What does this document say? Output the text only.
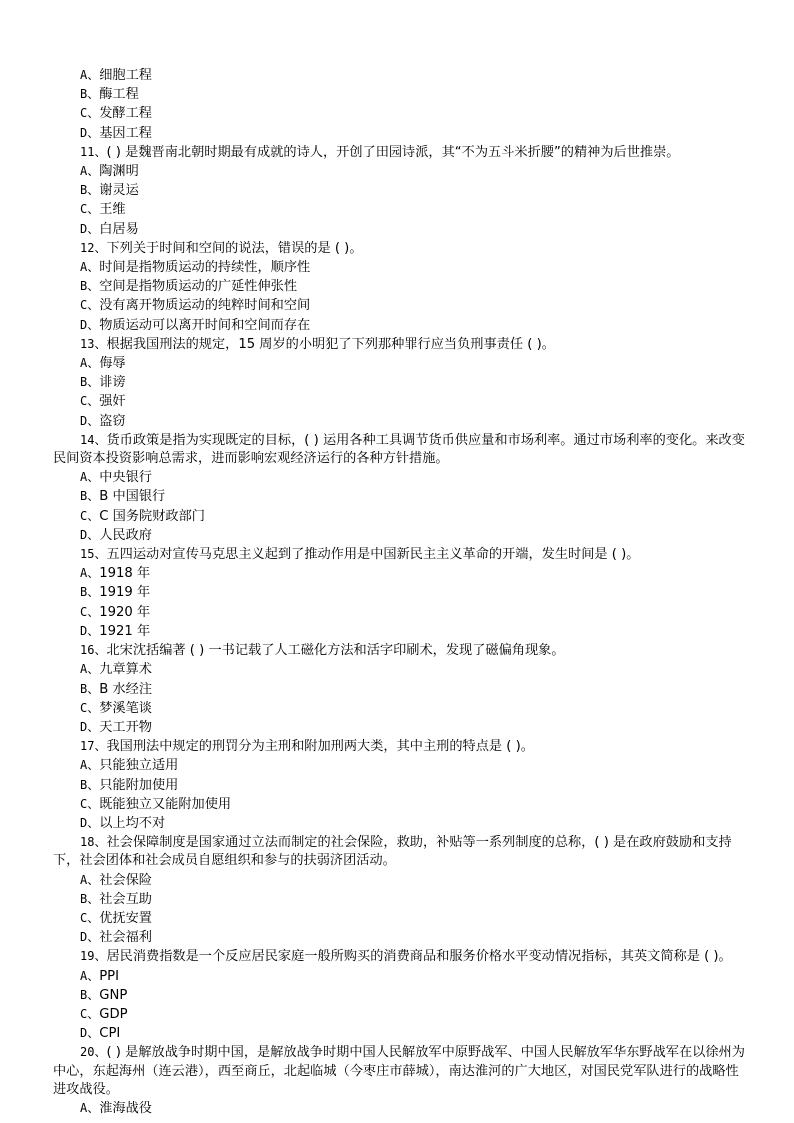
A、细胞工程

B、酶工程

C、发酵工程

D、基因工程

11、( ) 是魏晋南北朝时期最有成就的诗人，开创了田园诗派，其“不为五斗米折腰”的精神为后世推崇。

A、陶渊明

B、谢灵运

C、王维

D、白居易

12、下列关于时间和空间的说法，错误的是 ( )。

A、时间是指物质运动的持续性，顺序性

B、空间是指物质运动的广延性伸张性

C、没有离开物质运动的纯粹时间和空间

D、物质运动可以离开时间和空间而存在

13、根据我国刑法的规定，15 周岁的小明犯了下列那种罪行应当负刑事责任 ( )。

A、侮辱

B、诽谤

C、强奸

D、盗窃

14、货币政策是指为实现既定的目标，( ) 运用各种工具调节货币供应量和市场利率。通过市场利率的变化。来改变民间资本投资影响总需求，进而影响宏观经济运行的各种方针措施。

A、中央银行

B、B 中国银行

C、C 国务院财政部门

D、人民政府

15、五四运动对宣传马克思主义起到了推动作用是中国新民主主义革命的开端，发生时间是 ( )。

A、1918 年

B、1919 年

C、1920 年

D、1921 年

16、北宋沈括编著 ( ) 一书记载了人工磁化方法和活字印刷术，发现了磁偏角现象。

A、九章算术

B、B 水经注

C、梦溪笔谈

D、天工开物

17、我国刑法中规定的刑罚分为主刑和附加刑两大类，其中主刑的特点是 ( )。

A、只能独立适用

B、只能附加使用

C、既能独立又能附加使用

D、以上均不对

18、社会保障制度是国家通过立法而制定的社会保险，救助，补贴等一系列制度的总称，( ) 是在政府鼓励和支持下，社会团体和社会成员自愿组织和参与的扶弱济团活动。

A、社会保险

B、社会互助

C、优抚安置

D、社会福利

19、居民消费指数是一个反应居民家庭一般所购买的消费商品和服务价格水平变动情况指标，其英文简称是 ( )。

A、PPI

B、GNP

C、GDP

D、CPI

20、( ) 是解放战争时期中国，是解放战争时期中国人民解放军中原野战军、中国人民解放军华东野战军在以徐州为中心，东起海州（连云港），西至商丘，北起临城（今枣庄市薛城），南达淮河的广大地区，对国民党军队进行的战略性进攻战役。

A、淮海战役
